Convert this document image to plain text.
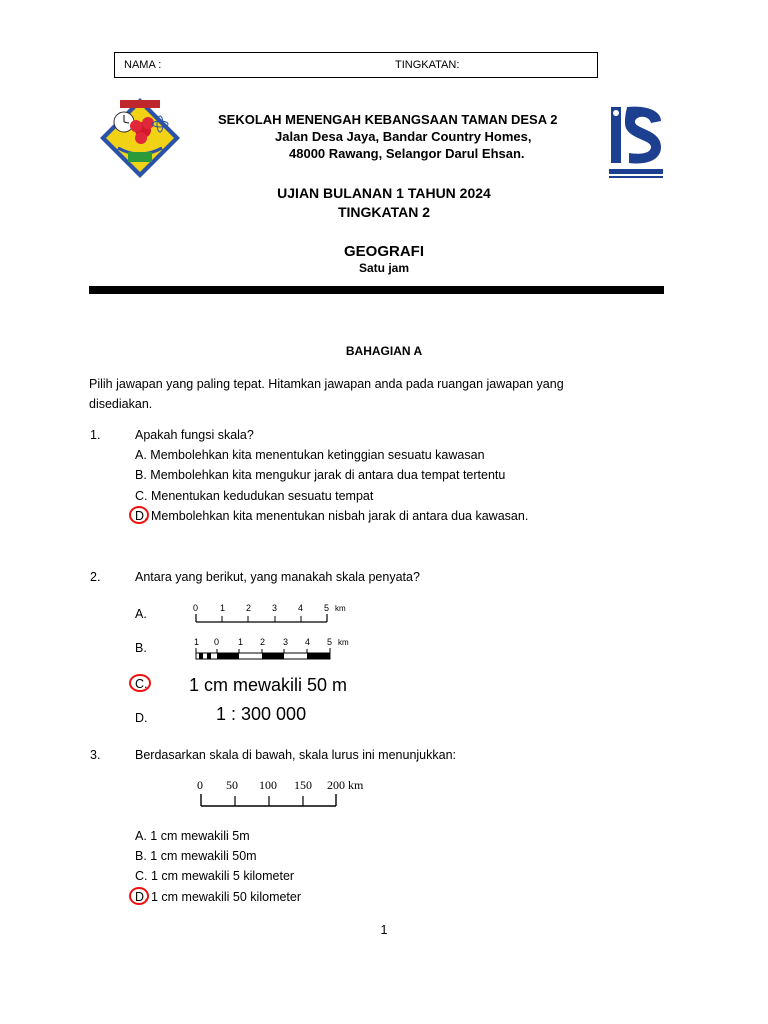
NAMA :	TINGKATAN:
SEKOLAH MENENGAH KEBANGSAAN TAMAN DESA 2
Jalan Desa Jaya, Bandar Country Homes,
48000 Rawang, Selangor Darul Ehsan.
UJIAN BULANAN 1 TAHUN 2024
TINGKATAN 2
GEOGRAFI
Satu jam
BAHAGIAN A
Pilih jawapan yang paling tepat. Hitamkan jawapan anda pada ruangan jawapan yang
disediakan.
1.	Apakah fungsi skala?
A. Membolehkan kita menentukan ketinggian sesuatu kawasan
B. Membolehkan kita mengukur jarak di antara dua tempat tertentu
C. Menentukan kedudukan sesuatu tempat
D. Membolehkan kita menentukan nisbah jarak di antara dua kawasan.
2.	Antara yang berikut, yang manakah skala penyata?
A.	0 1 2 3 4 5 km
B.	1 0 1 2 3 4 5 km
C. 1 cm mewakili 50 m
D.	1 : 300 000
3.	Berdasarkan skala di bawah, skala lurus ini menunjukkan:
0 50 100 150 200 km
A. 1 cm mewakili 5m
B. 1 cm mewakili 50m
C. 1 cm mewakili 5 kilometer
D. 1 cm mewakili 50 kilometer
1
